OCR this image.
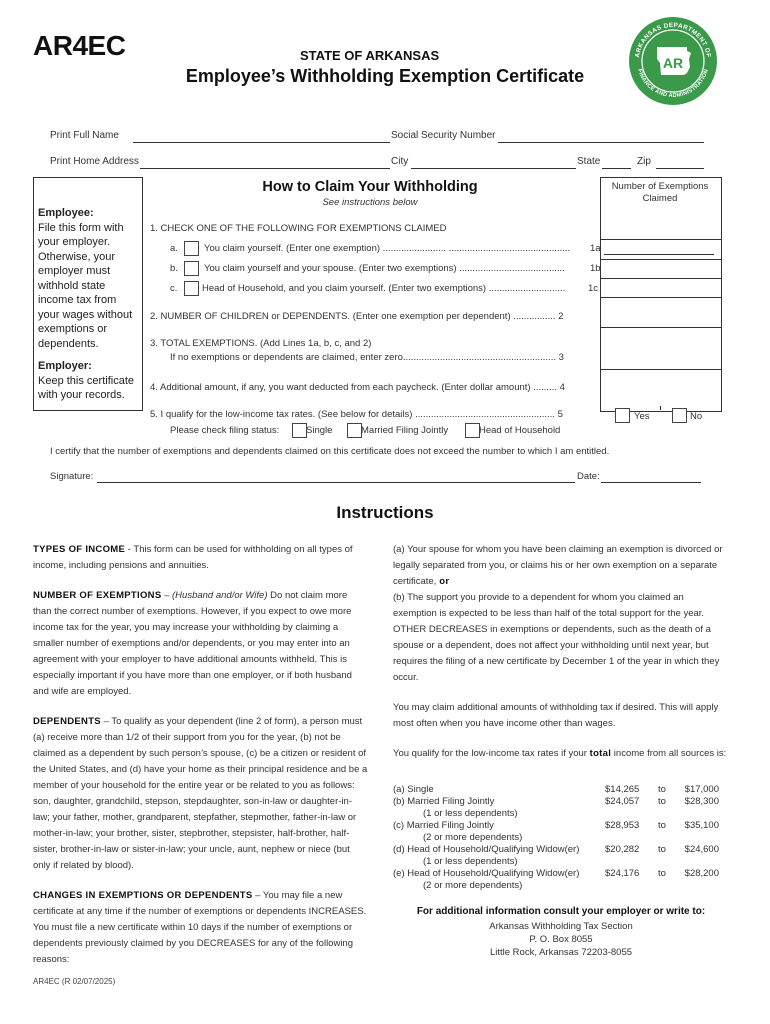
AR4EC	STATE OF ARKANSAS
Employee’s Withholding Exemption Certificate
ARKANSAS DEPARTMENT OF
FINANCE AND ADMINISTRATION
AR
Print Full Name	Social Security Number
Print Home Address	City	State	Zip
Employee:
File this form with your employer. Otherwise, your employer must withhold state income tax from your wages without exemptions or dependents.
Employer:
Keep this certificate with your records.
How to Claim Your Withholding
See instructions below
Number of Exemptions Claimed
1. CHECK ONE OF THE FOLLOWING FOR EXEMPTIONS CLAIMED
a.	You claim yourself. (Enter one exemption) ........................ ..............................................	1a
b.	You claim yourself and your spouse. (Enter two exemptions) ........................................	1b
c.	Head of Household, and you claim yourself. (Enter two exemptions) .............................	1c
2. NUMBER OF CHILDREN or DEPENDENTS. (Enter one exemption per dependent) ................ 2
3. TOTAL EXEMPTIONS. (Add Lines 1a, b, c, and 2)
If no exemptions or dependents are claimed, enter zero.......................................................... 3
4. Additional amount, if any, you want deducted from each paycheck. (Enter dollar amount) ......... 4
5. I qualify for the low-income tax rates. (See below for details) ..................................................... 5
Please check filing status:	Single	Married Filing Jointly	Head of Household
Yes	No
I certify that the number of exemptions and dependents claimed on this certificate does not exceed the number to which I am entitled.
Signature:	Date:
Instructions
TYPES OF INCOME - This form can be used for withholding on all types of income, including pensions and annuities.
NUMBER OF EXEMPTIONS – (Husband and/or Wife) Do not claim more than the correct number of exemptions. However, if you expect to owe more income tax for the year, you may increase your withholding by claiming a smaller number of exemptions and/or dependents, or you may enter into an agreement with your employer to have additional amounts withheld. This is especially important if you have more than one employer, or if both husband and wife are employed.
DEPENDENTS – To qualify as your dependent (line 2 of form), a person must (a) receive more than 1/2 of their support from you for the year, (b) not be claimed as a dependent by such person’s spouse, (c) be a citizen or resident of the United States, and (d) have your home as their principal residence and be a member of your household for the entire year or be related to you as follows: son, daughter, grandchild, stepson, stepdaughter, son-in-law or daughter-in-law; your father, mother, grandparent, stepfather, stepmother, father-in-law or mother-in-law; your brother, sister, stepbrother, stepsister, half-brother, half-sister, brother-in-law or sister-in-law; your uncle, aunt, nephew or niece (but only if related by blood).
CHANGES IN EXEMPTIONS OR DEPENDENTS – You may file a new certificate at any time if the number of exemptions or dependents INCREASES. You must file a new certificate within 10 days if the number of exemptions or dependents previously claimed by you DECREASES for any of the following reasons:
(a) Your spouse for whom you have been claiming an exemption is divorced or legally separated from you, or claims his or her own exemption on a separate certificate, or
(b) The support you provide to a dependent for whom you claimed an exemption is expected to be less than half of the total support for the year. OTHER DECREASES in exemptions or dependents, such as the death of a spouse or a dependent, does not affect your withholding until next year, but requires the filing of a new certificate by December 1 of the year in which they occur.
You may claim additional amounts of withholding tax if desired. This will apply most often when you have income other than wages.
You qualify for the low-income tax rates if your total income from all sources is:
(a) Single	$14,265	to	$17,000

(b) Married Filing Jointly
(1 or less dependents)	$24,057	to	$28,300

(c) Married Filing Jointly
(2 or more dependents)	$28,953	to	$35,100

(d) Head of Household/Qualifying Widow(er)
(1 or less dependents)	$20,282	to	$24,600

(e) Head of Household/Qualifying Widow(er)
(2 or more dependents)	$24,176	to	$28,200
For additional information consult your employer or write to:
Arkansas Withholding Tax Section
P. O. Box 8055
Little Rock, Arkansas 72203-8055
AR4EC (R 02/07/2025)
